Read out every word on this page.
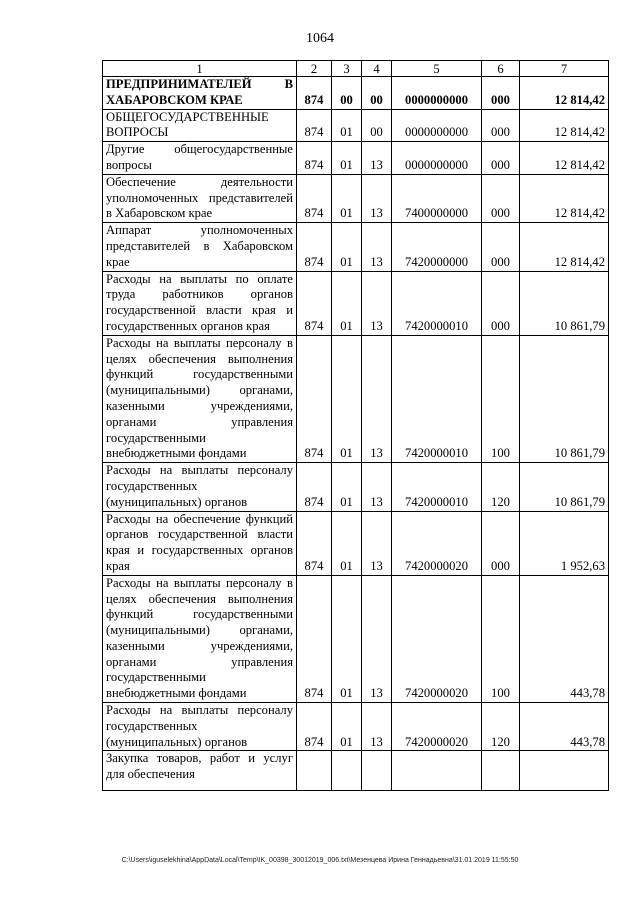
1064
1	2	3	4	5	6	7
ПРЕДПРИНИМАТЕЛЕЙ В ХАБАРОВСКОМ КРАЕ	874	00	00	0000000000	000	12 814,42
ОБЩЕГОСУДАРСТВЕННЫЕ ВОПРОСЫ	874	01	00	0000000000	000	12 814,42
Другие общегосударственные вопросы	874	01	13	0000000000	000	12 814,42
Обеспечение деятельности уполномоченных представителей в Хабаровском крае	874	01	13	7400000000	000	12 814,42
Аппарат уполномоченных представителей в Хабаровском крае	874	01	13	7420000000	000	12 814,42
Расходы на выплаты по оплате труда работников органов государственной власти края и государственных органов края	874	01	13	7420000010	000	10 861,79
Расходы на выплаты персоналу в целях обеспечения выполнения функций государственными (муниципальными) органами, казенными учреждениями, органами управления государственными внебюджетными фондами	874	01	13	7420000010	100	10 861,79
Расходы на выплаты персоналу государственных (муниципальных) органов	874	01	13	7420000010	120	10 861,79
Расходы на обеспечение функций органов государственной власти края и государственных органов края	874	01	13	7420000020	000	1 952,63
Расходы на выплаты персоналу в целях обеспечения выполнения функций государственными (муниципальными) органами, казенными учреждениями, органами управления государственными внебюджетными фондами	874	01	13	7420000020	100	443,78
Расходы на выплаты персоналу государственных (муниципальных) органов	874	01	13	7420000020	120	443,78
Закупка товаров, работ и услуг для обеспечения						
C:\Users\iguselekhina\AppData\Local\Temp\IK_00398_30012019_006.txt\Мезенцева Ирина Геннадьевна\31.01.2019 11:55:50
